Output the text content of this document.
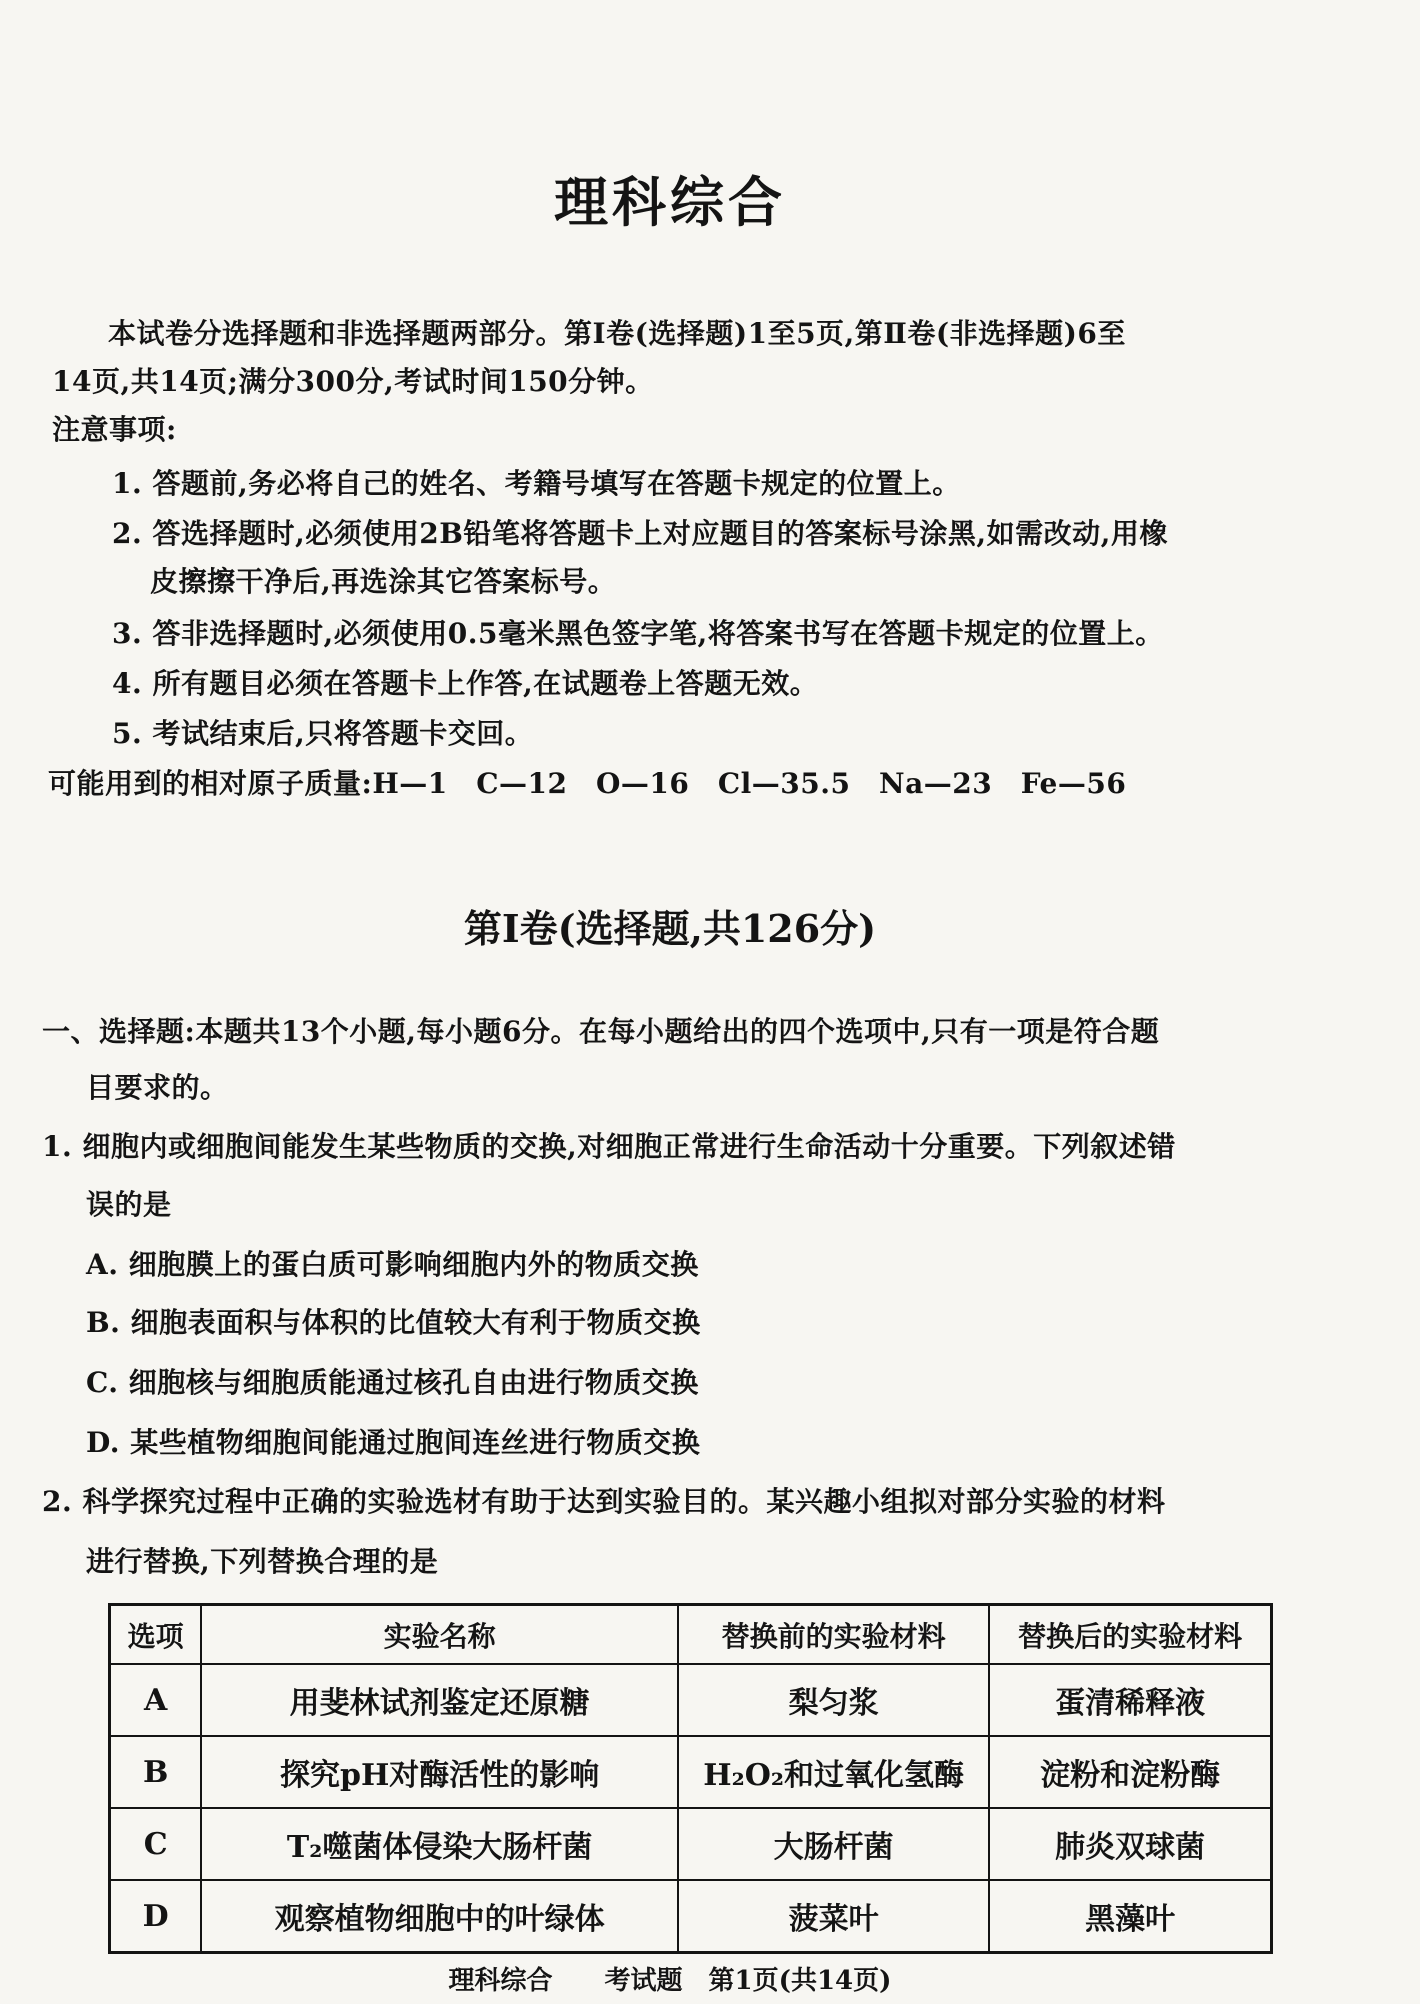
理科综合
本试卷分选择题和非选择题两部分。第Ⅰ卷(选择题)1至5页,第Ⅱ卷(非选择题)6至
14页,共14页;满分300分,考试时间150分钟。
注意事项:
1. 答题前,务必将自己的姓名、考籍号填写在答题卡规定的位置上。
2. 答选择题时,必须使用2B铅笔将答题卡上对应题目的答案标号涂黑,如需改动,用橡
皮擦擦干净后,再选涂其它答案标号。
3. 答非选择题时,必须使用0.5毫米黑色签字笔,将答案书写在答题卡规定的位置上。
4. 所有题目必须在答题卡上作答,在试题卷上答题无效。
5. 考试结束后,只将答题卡交回。
可能用到的相对原子质量:H—1　C—12　O—16　Cl—35.5　Na—23　Fe—56
第Ⅰ卷(选择题,共126分)
一、选择题:本题共13个小题,每小题6分。在每小题给出的四个选项中,只有一项是符合题
目要求的。
1. 细胞内或细胞间能发生某些物质的交换,对细胞正常进行生命活动十分重要。下列叙述错
误的是
A. 细胞膜上的蛋白质可影响细胞内外的物质交换
B. 细胞表面积与体积的比值较大有利于物质交换
C. 细胞核与细胞质能通过核孔自由进行物质交换
D. 某些植物细胞间能通过胞间连丝进行物质交换
2. 科学探究过程中正确的实验选材有助于达到实验目的。某兴趣小组拟对部分实验的材料
进行替换,下列替换合理的是
选项	实验名称	替换前的实验材料	替换后的实验材料
A	用斐林试剂鉴定还原糖	梨匀浆	蛋清稀释液
B	探究pH对酶活性的影响	H₂O₂和过氧化氢酶	淀粉和淀粉酶
C	T₂噬菌体侵染大肠杆菌	大肠杆菌	肺炎双球菌
D	观察植物细胞中的叶绿体	菠菜叶	黑藻叶
理科综合　　考试题　第1页(共14页)
